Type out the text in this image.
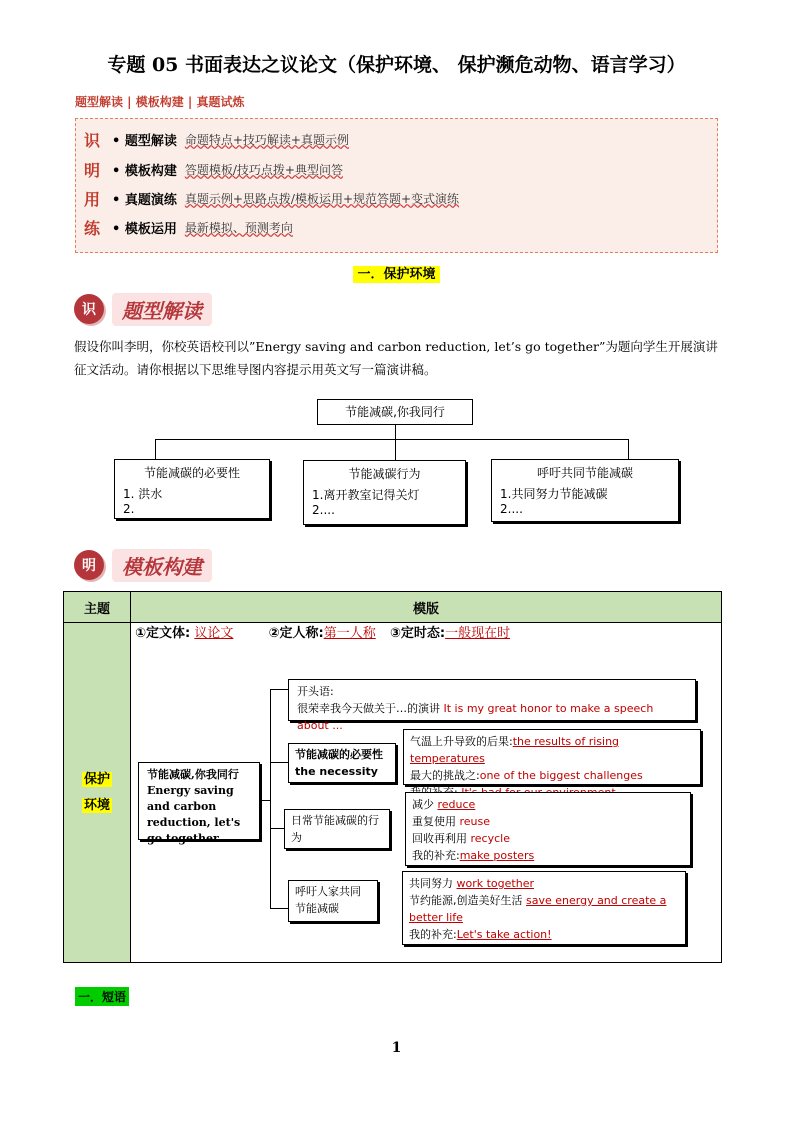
专题 05 书面表达之议论文（保护环境、 保护濒危动物、语言学习）
题型解读 | 模板构建 | 真题试炼
识 • 题型解读 命题特点+技巧解读+真题示例
明 • 模板构建 答题模板/技巧点拨+典型问答
用 • 真题演练 真题示例+思路点拨/模板运用+规范答题+变式演练
练 • 模板运用 最新模拟、预测考向
一．保护环境
识	题型解读
假设你叫李明，你校英语校刊以”Energy saving and carbon reduction, let’s go together”为题向学生开展演讲征文活动。请你根据以下思维导图内容提示用英文写一篇演讲稿。
节能减碳,你我同行
节能减碳的必要性
1. 洪水
2.
节能减碳行为
1.离开教室记得关灯
2....
呼吁共同节能减碳
1.共同努力节能减碳
2....
明	模板构建
主题	模版

保护
环境	

①定文体: 议论文	②定人称:第一人称 ③定时态:一般现在时
节能减碳,你我同行
Energy saving and carbon reduction, let's go together
开头语:
很荣幸我今天做关于…的演讲 It is my great honor to make a speech about ...
节能减碳的必要性 the necessity
气温上升导致的后果:the results of rising temperatures
最大的挑战之:one of the biggest challenges
日常节能减碳的行　　为
减少 reduce
重复使用 reuse
回收再利用 recycle
我的补充:make posters
呼吁人家共同节能减碳
共同努力 work together
节约能源,创造美好生活 save energy and create a better life
我的补充:Let's take action!
一．短语
1
